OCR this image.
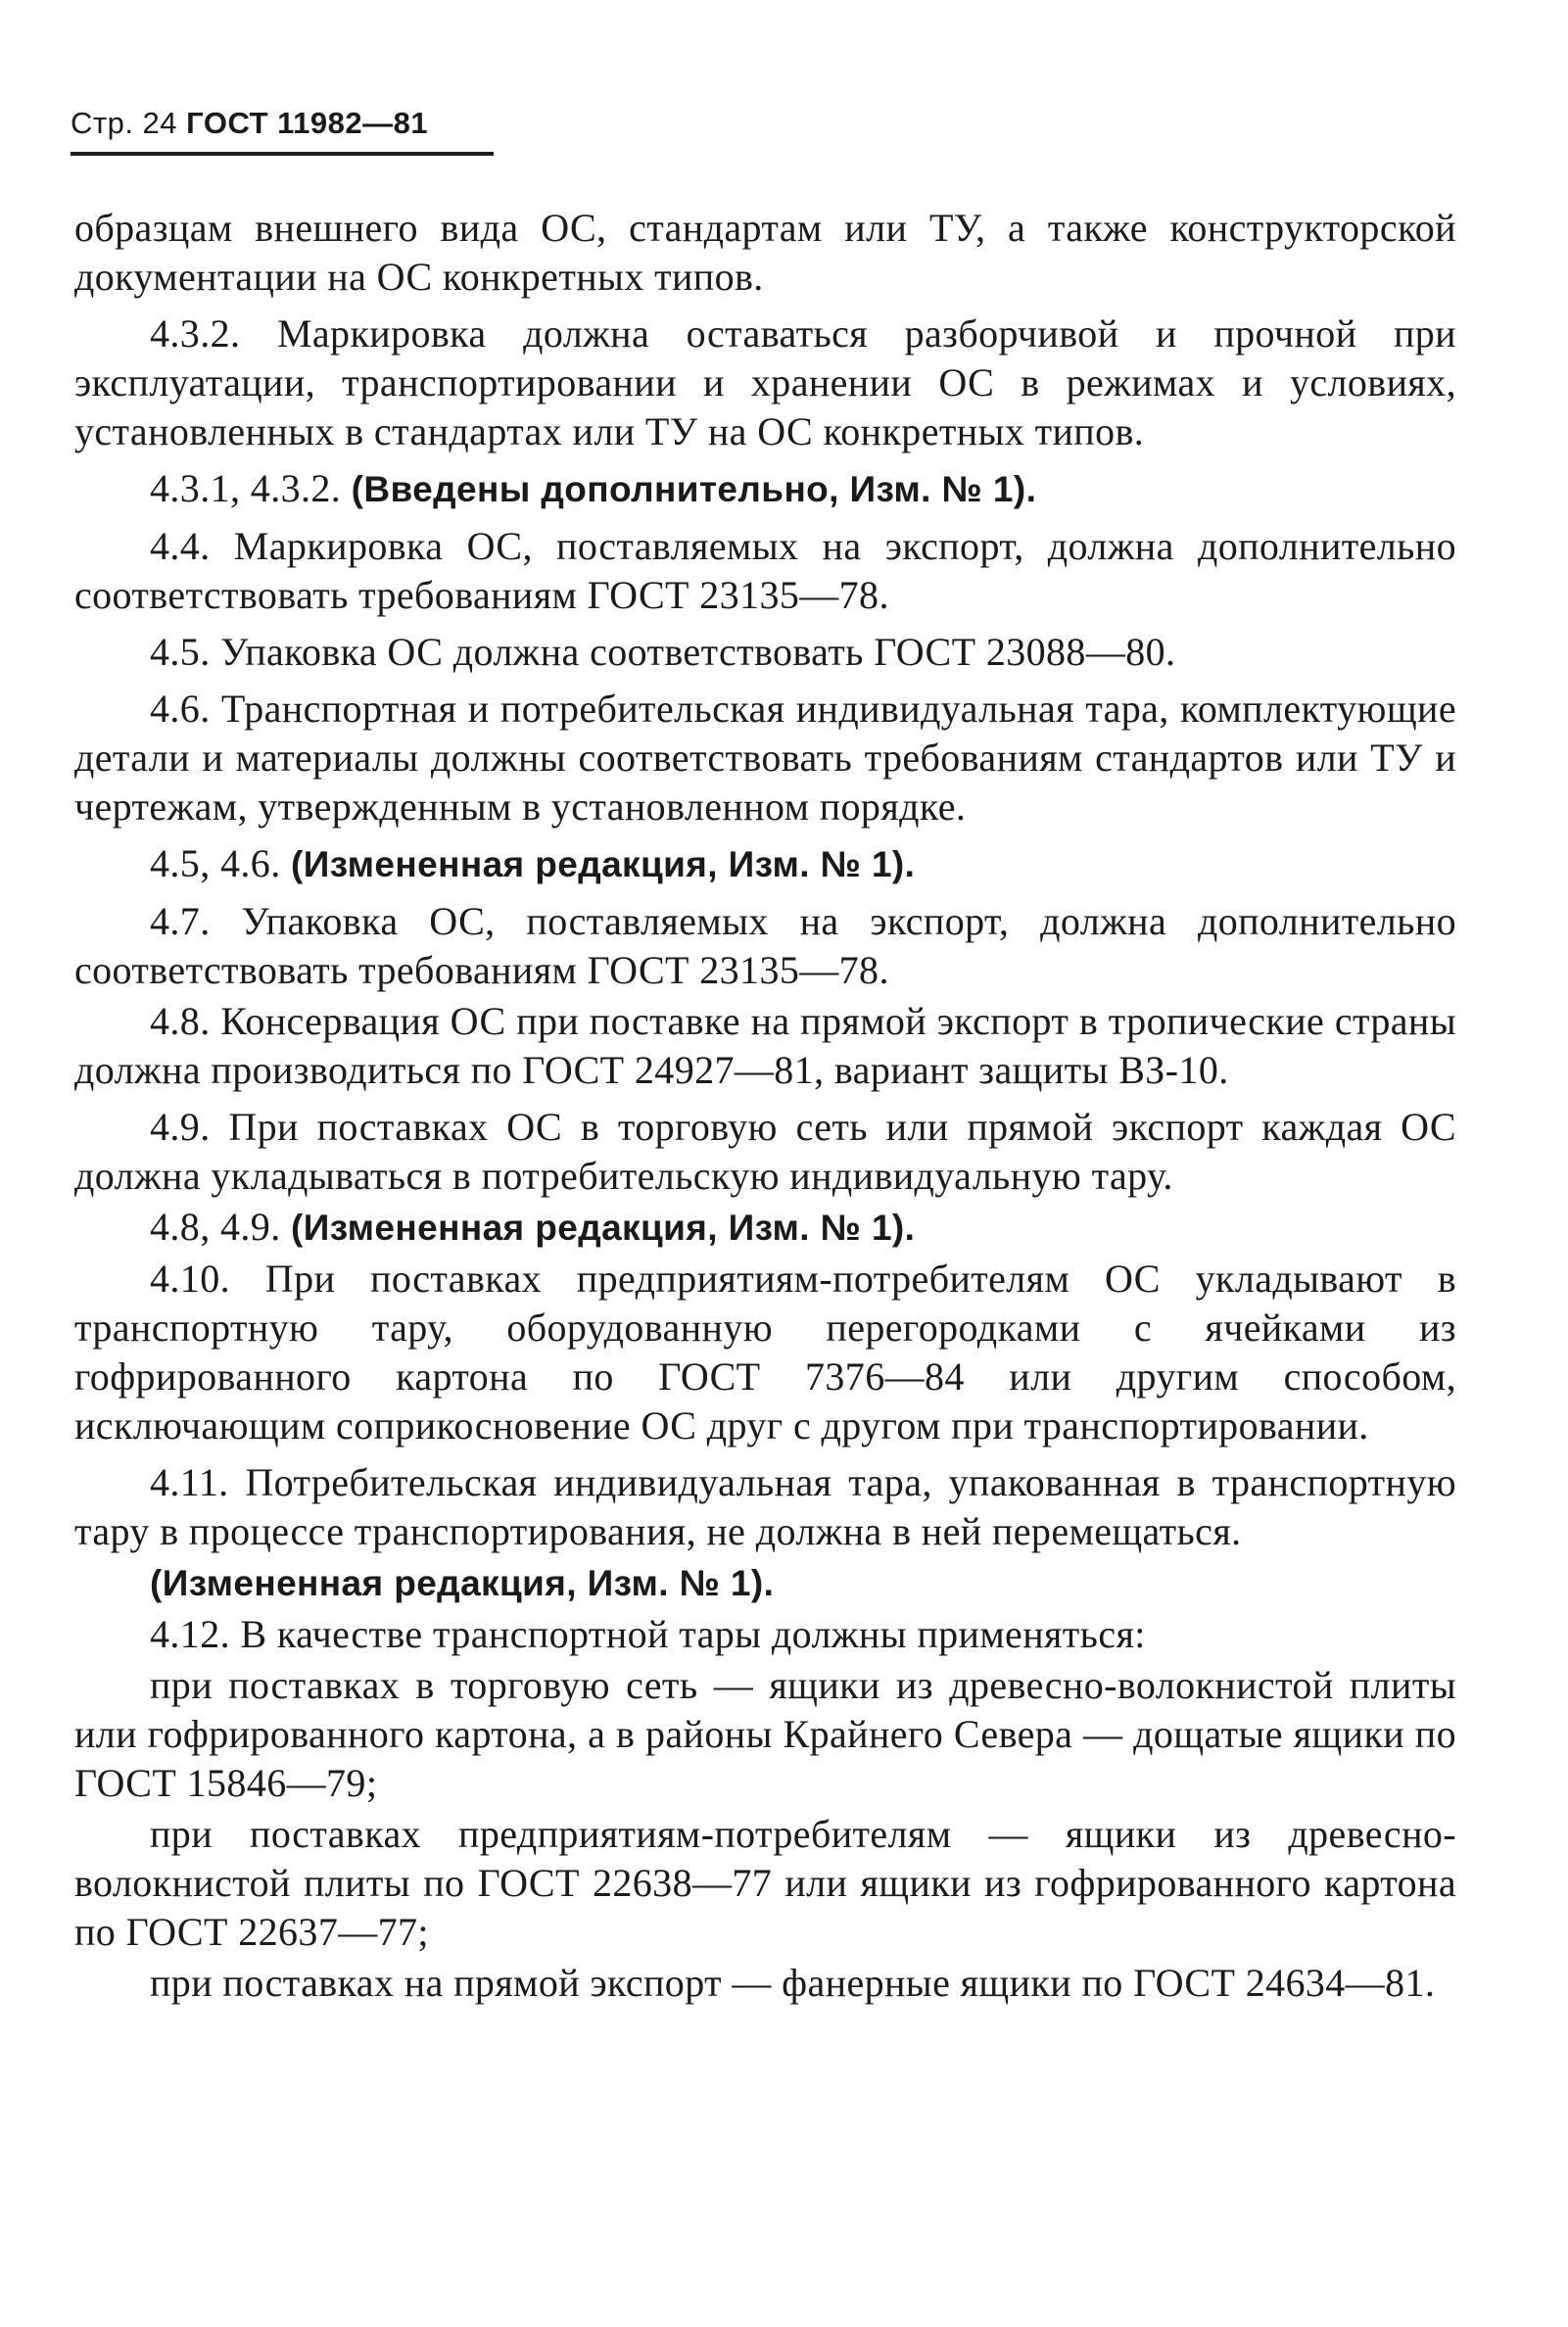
Стр. 24 ГОСТ 11982—81

образцам внешнего вида ОС, стандартам или ТУ, а также конструкторской документации на ОС конкретных типов.

4.3.2. Маркировка должна оставаться разборчивой и прочной при эксплуатации, транспортировании и хранении ОС в режимах и условиях, установленных в стандартах или ТУ на ОС конкретных типов.

4.3.1, 4.3.2. (Введены дополнительно, Изм. № 1).

4.4. Маркировка ОС, поставляемых на экспорт, должна дополнительно соответствовать требованиям ГОСТ 23135—78.

4.5. Упаковка ОС должна соответствовать ГОСТ 23088—80.

4.6. Транспортная и потребительская индивидуальная тара, комплектующие детали и материалы должны соответствовать требованиям стандартов или ТУ и чертежам, утвержденным в установленном порядке.

4.5, 4.6. (Измененная редакция, Изм. № 1).

4.7. Упаковка ОС, поставляемых на экспорт, должна дополнительно соответствовать требованиям ГОСТ 23135—78.

4.8. Консервация ОС при поставке на прямой экспорт в тропические страны должна производиться по ГОСТ 24927—81, вариант защиты ВЗ-10.

4.9. При поставках ОС в торговую сеть или прямой экспорт каждая ОС должна укладываться в потребительскую индивидуальную тару.

4.8, 4.9. (Измененная редакция, Изм. № 1).

4.10. При поставках предприятиям-потребителям ОС укладывают в транспортную тару, оборудованную перегородками с ячейками из гофрированного картона по ГОСТ 7376—84 или другим способом, исключающим соприкосновение ОС друг с другом при транспортировании.

4.11. Потребительская индивидуальная тара, упакованная в транспортную тару в процессе транспортирования, не должна в ней перемещаться.

(Измененная редакция, Изм. № 1).

4.12. В качестве транспортной тары должны применяться:

при поставках в торговую сеть — ящики из древесно-волокнистой плиты или гофрированного картона, а в районы Крайнего Севера — дощатые ящики по ГОСТ 15846—79;

при поставках предприятиям-потребителям — ящики из древесно-волокнистой плиты по ГОСТ 22638—77 или ящики из гофрированного картона по ГОСТ 22637—77;

при поставках на прямой экспорт — фанерные ящики по ГОСТ 24634—81.
